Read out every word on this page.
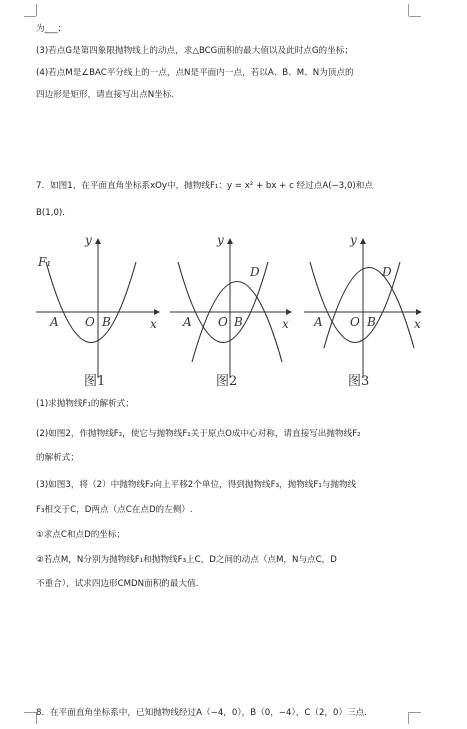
为___；
(3)若点G是第四象限抛物线上的动点，求△BCG面积的最大值以及此时点G的坐标；
(4)若点M是∠BAC平分线上的一点，点N是平面内一点，若以A、B、M、N为顶点的
四边形是矩形，请直接写出点N坐标.
7．如图1，在平面直角坐标系xOy中，抛物线F₁：y = x² + bx + c 经过点A(−3,0)和点
B(1,0)．
F₁
y
x
A O B
图1
y
x
A O B
D
图2
y
x
A O B
D
图3
(1)求抛物线F₁的解析式；
(2)如图2，作抛物线F₂，使它与抛物线F₁关于原点O成中心对称，请直接写出抛物线F₂
的解析式；
(3)如图3，将（2）中抛物线F₂向上平移2个单位，得到抛物线F₃，抛物线F₁与抛物线
F₃相交于C，D两点（点C在点D的左侧）.
①求点C和点D的坐标；
②若点M，N分别为抛物线F₁和抛物线F₃上C，D之间的动点（点M，N与点C，D
不重合），试求四边形CMDN面积的最大值.
8．在平面直角坐标系中，已知抛物线经过A（−4，0），B（0，−4），C（2，0）三点.
